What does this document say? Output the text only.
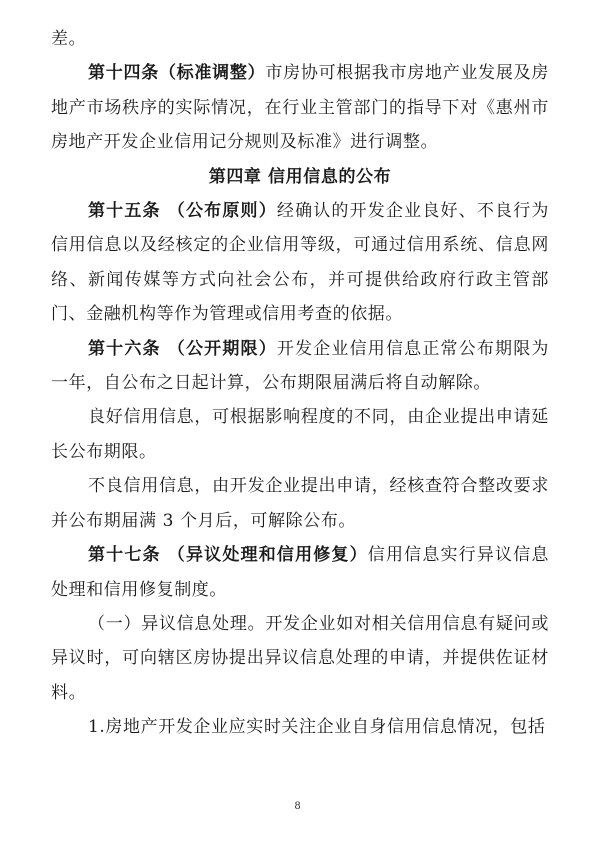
差。

第十四条（标准调整）市房协可根据我市房地产业发展及房地产市场秩序的实际情况，在行业主管部门的指导下对《惠州市房地产开发企业信用记分规则及标准》进行调整。

第四章 信用信息的公布

第十五条 （公布原则）经确认的开发企业良好、不良行为信用信息以及经核定的企业信用等级，可通过信用系统、信息网络、新闻传媒等方式向社会公布，并可提供给政府行政主管部门、金融机构等作为管理或信用考查的依据。

第十六条 （公开期限）开发企业信用信息正常公布期限为一年，自公布之日起计算，公布期限届满后将自动解除。

良好信用信息，可根据影响程度的不同，由企业提出申请延长公布期限。

不良信用信息，由开发企业提出申请，经核查符合整改要求并公布期届满 3 个月后，可解除公布。

第十七条 （异议处理和信用修复）信用信息实行异议信息处理和信用修复制度。

（一）异议信息处理。开发企业如对相关信用信息有疑问或异议时，可向辖区房协提出异议信息处理的申请，并提供佐证材料。

1.房地产开发企业应实时关注企业自身信用信息情况，包括

8
